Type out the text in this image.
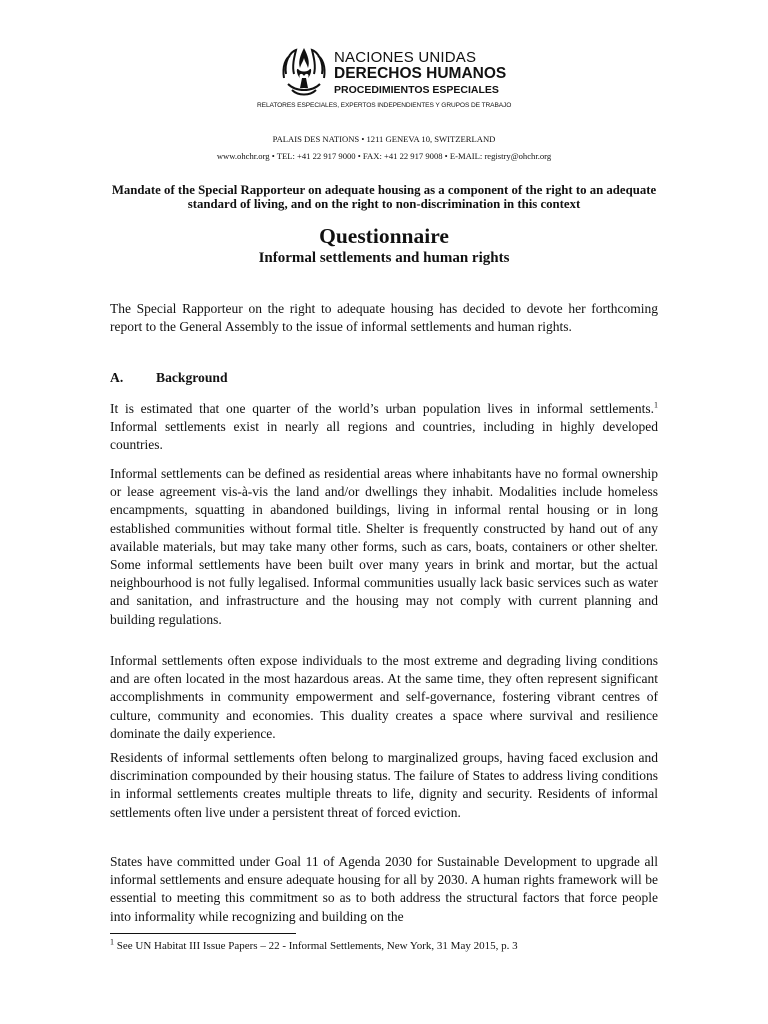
NACIONES UNIDAS
DERECHOS HUMANOS
PROCEDIMIENTOS ESPECIALES
RELATORES ESPECIALES, EXPERTOS INDEPENDIENTES Y GRUPOS DE TRABAJO
PALAIS DES NATIONS • 1211 GENEVA 10, SWITZERLAND
www.ohchr.org • TEL: +41 22 917 9000 • FAX: +41 22 917 9008 • E-MAIL: registry@ohchr.org
Mandate of the Special Rapporteur on adequate housing as a component of the right to an adequate standard of living, and on the right to non-discrimination in this context
Questionnaire
Informal settlements and human rights

The Special Rapporteur on the right to adequate housing has decided to devote her forthcoming report to the General Assembly to the issue of informal settlements and human rights.

A. Background

It is estimated that one quarter of the world’s urban population lives in informal settlements.$^1$ Informal settlements exist in nearly all regions and countries, including in highly developed countries.

Informal settlements can be defined as residential areas where inhabitants have no formal ownership or lease agreement vis-à-vis the land and/or dwellings they inhabit. Modalities include homeless encampments, squatting in abandoned buildings, living in informal rental housing or in long established communities without formal title. Shelter is frequently constructed by hand out of any available materials, but may take many other forms, such as cars, boats, containers or other shelter. Some informal settlements have been built over many years in brink and mortar, but the actual neighbourhood is not fully legalised. Informal communities usually lack basic services such as water and sanitation, and infrastructure and the housing may not comply with current planning and building regulations.

Informal settlements often expose individuals to the most extreme and degrading living conditions and are often located in the most hazardous areas. At the same time, they often represent significant accomplishments in community empowerment and self-governance, fostering vibrant centres of culture, community and economies. This duality creates a space where survival and resilience dominate the daily experience.

Residents of informal settlements often belong to marginalized groups, having faced exclusion and discrimination compounded by their housing status. The failure of States to address living conditions in informal settlements creates multiple threats to life, dignity and security. Residents of informal settlements often live under a persistent threat of forced eviction.

States have committed under Goal 11 of Agenda 2030 for Sustainable Development to upgrade all informal settlements and ensure adequate housing for all by 2030. A human rights framework will be essential to meeting this commitment so as to both address the structural factors that force people into informality while recognizing and building on the

$^1$ See UN Habitat III Issue Papers – 22 - Informal Settlements, New York, 31 May 2015, p. 3
